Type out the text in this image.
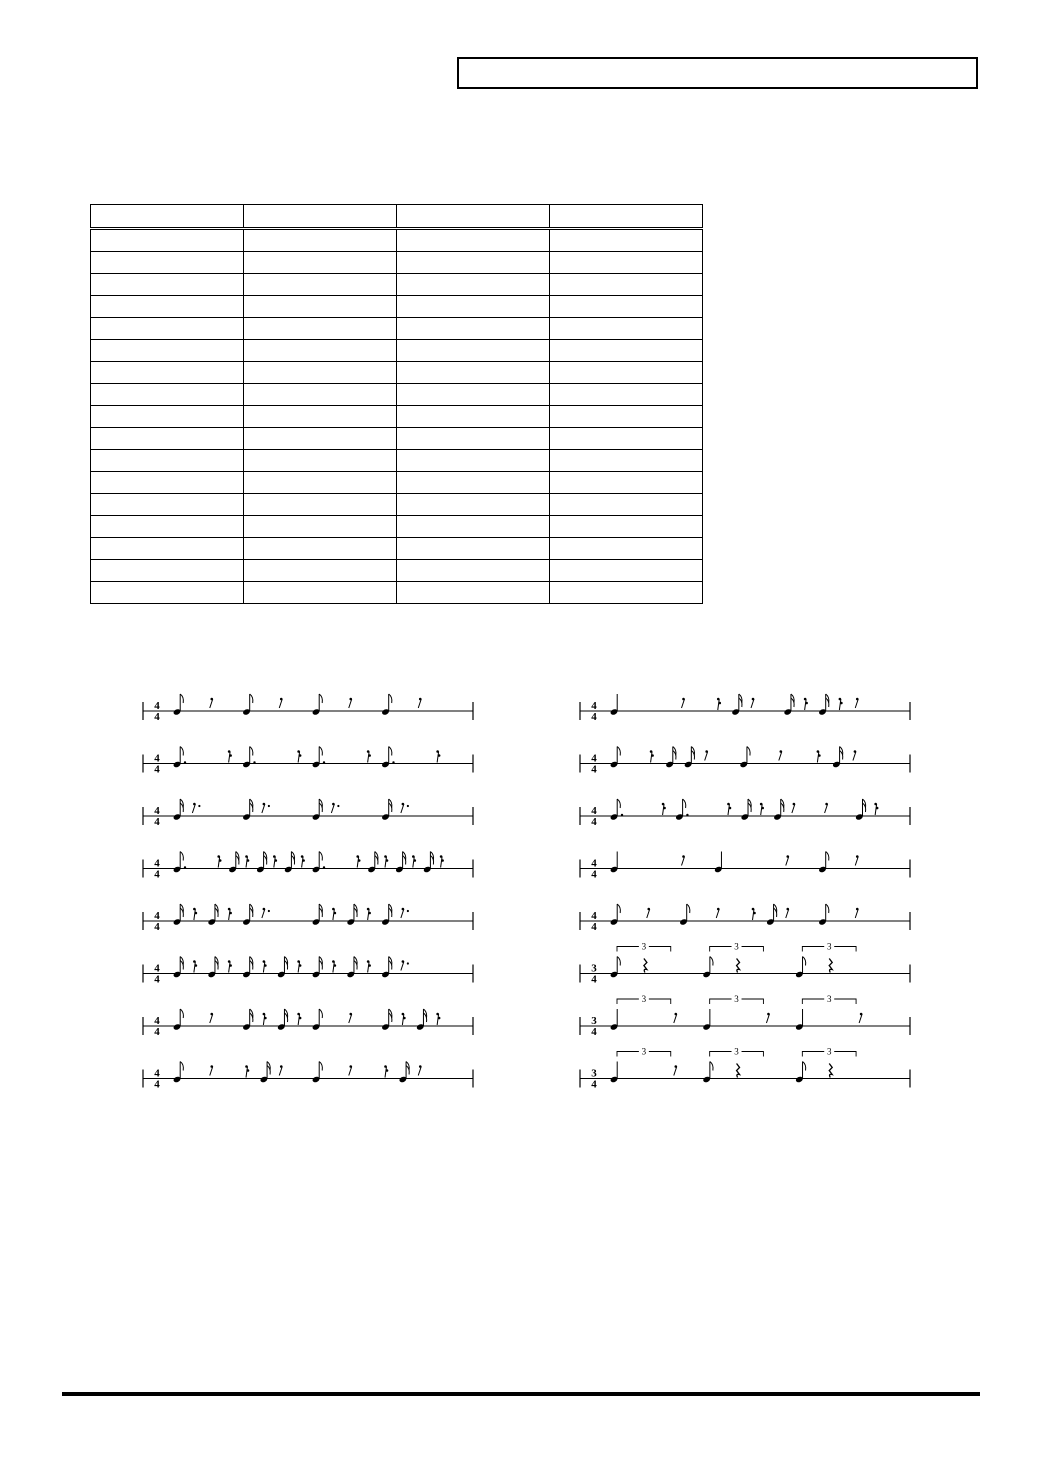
4
4
4
4
4
4
4
4
4
4
4
4
4
4
4
4
4
4
4
4
4
4
4
4
4
4
3
4
3	3	3
3
4
3	3	3
3
4
3	3	3
